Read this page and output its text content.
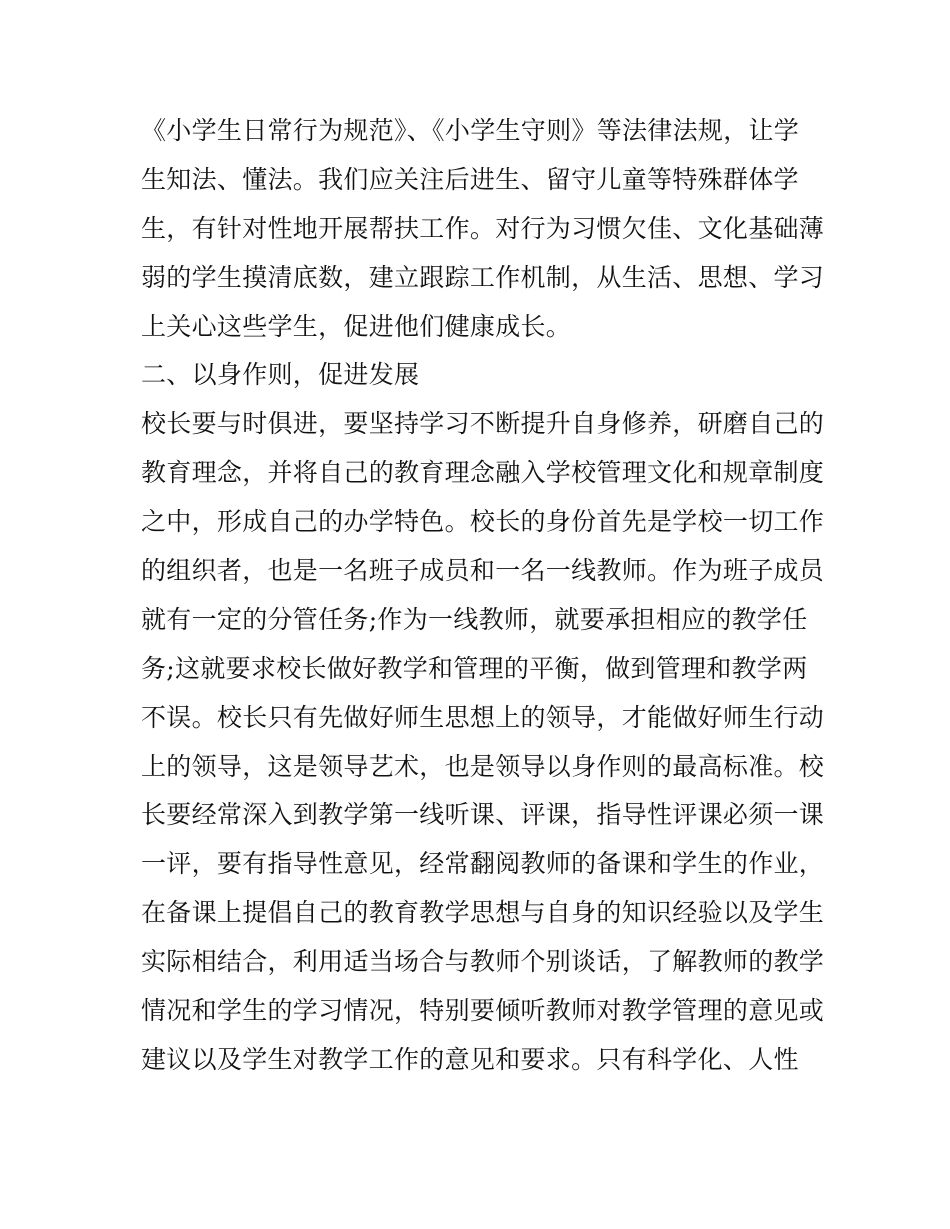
《小学生日常行为规范》、《小学生守则》等法律法规，让学
生知法、懂法。我们应关注后进生、留守儿童等特殊群体学
生，有针对性地开展帮扶工作。对行为习惯欠佳、文化基础薄
弱的学生摸清底数，建立跟踪工作机制，从生活、思想、学习
上关心这些学生，促进他们健康成长。
二、以身作则，促进发展
校长要与时俱进，要坚持学习不断提升自身修养，研磨自己的
教育理念，并将自己的教育理念融入学校管理文化和规章制度
之中，形成自己的办学特色。校长的身份首先是学校一切工作
的组织者，也是一名班子成员和一名一线教师。作为班子成员
就有一定的分管任务;作为一线教师，就要承担相应的教学任
务;这就要求校长做好教学和管理的平衡，做到管理和教学两
不误。校长只有先做好师生思想上的领导，才能做好师生行动
上的领导，这是领导艺术，也是领导以身作则的最高标准。校
长要经常深入到教学第一线听课、评课，指导性评课必须一课
一评，要有指导性意见，经常翻阅教师的备课和学生的作业，
在备课上提倡自己的教育教学思想与自身的知识经验以及学生
实际相结合，利用适当场合与教师个别谈话，了解教师的教学
情况和学生的学习情况，特别要倾听教师对教学管理的意见或
建议以及学生对教学工作的意见和要求。只有科学化、人性
